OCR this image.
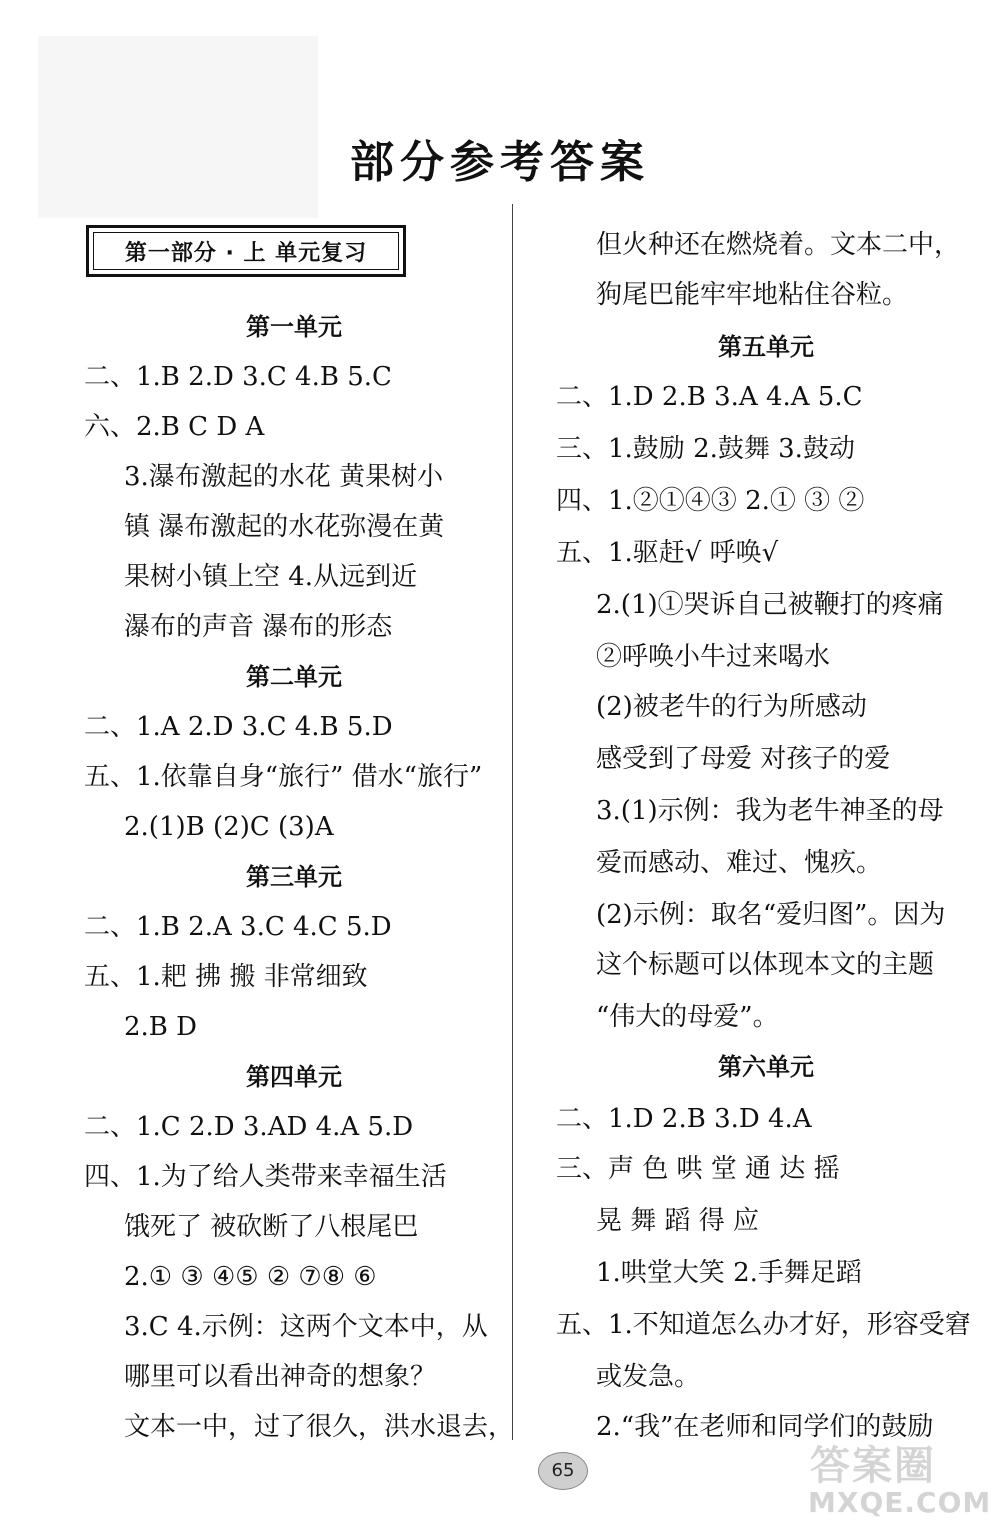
部分参考答案
第一部分 · 上 单元复习
第一单元
二、1.B 2.D 3.C 4.B 5.C
六、2.B C D A
3.瀑布激起的水花 黄果树小
镇 瀑布激起的水花弥漫在黄
果树小镇上空 4.从远到近
瀑布的声音 瀑布的形态
第二单元
二、1.A 2.D 3.C 4.B 5.D
五、1.依靠自身“旅行” 借水“旅行”
2.(1)B (2)C (3)A
第三单元
二、1.B 2.A 3.C 4.C 5.D
五、1.耙 拂 搬 非常细致
2.B D
第四单元
二、1.C 2.D 3.AD 4.A 5.D
四、1.为了给人类带来幸福生活
饿死了 被砍断了八根尾巴
2.① ③ ④⑤ ② ⑦⑧ ⑥
3.C 4.示例：这两个文本中，从
哪里可以看出神奇的想象？
文本一中，过了很久，洪水退去，
但火种还在燃烧着。文本二中，
狗尾巴能牢牢地粘住谷粒。
第五单元
二、1.D 2.B 3.A 4.A 5.C
三、1.鼓励 2.鼓舞 3.鼓动
四、1.②①④③ 2.① ③ ②
五、1.驱赶√ 呼唤√
2.(1)①哭诉自己被鞭打的疼痛
②呼唤小牛过来喝水
(2)被老牛的行为所感动
感受到了母爱 对孩子的爱
3.(1)示例：我为老牛神圣的母
爱而感动、难过、愧疚。
(2)示例：取名“爱归图”。因为
这个标题可以体现本文的主题
“伟大的母爱”。
第六单元
二、1.D 2.B 3.D 4.A
三、声 色 哄 堂 通 达 摇
晃 舞 蹈 得 应
1.哄堂大笑 2.手舞足蹈
五、1.不知道怎么办才好，形容受窘
或发急。
2.“我”在老师和同学们的鼓励
65	答案圈
MXQE.COM
